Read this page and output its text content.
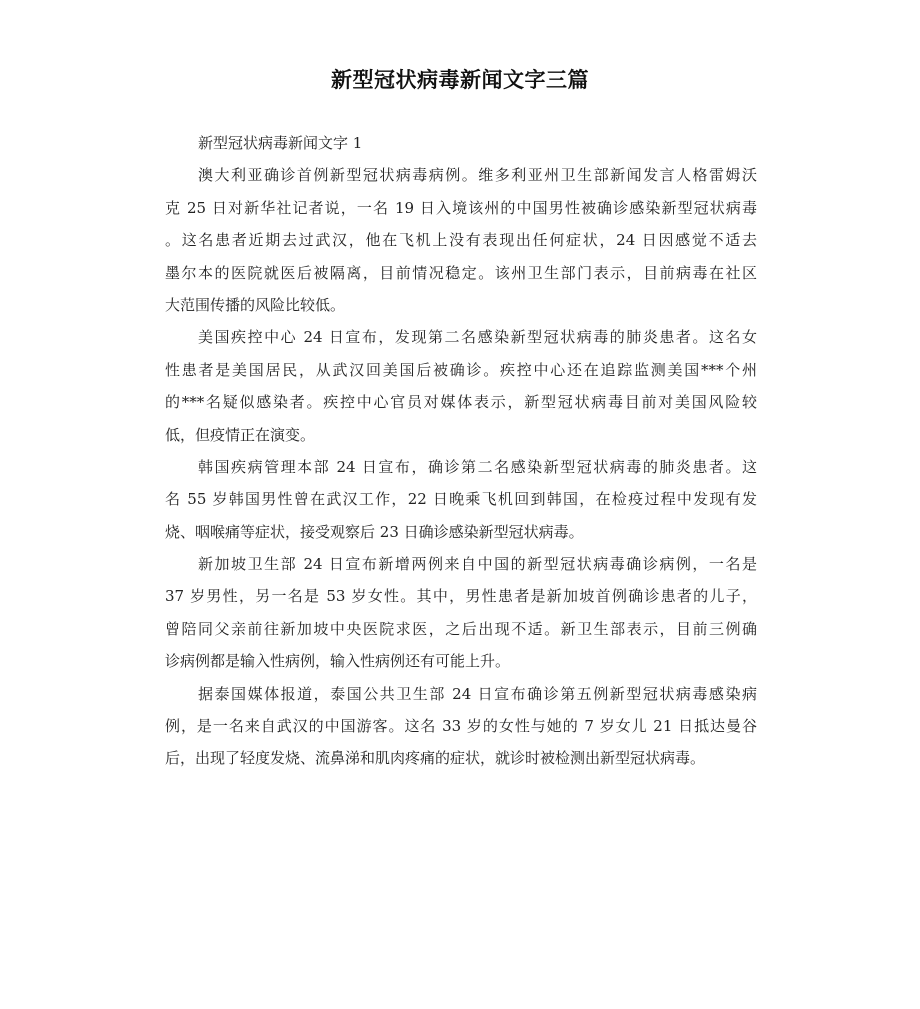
新型冠状病毒新闻文字三篇

新型冠状病毒新闻文字 1

澳大利亚确诊首例新型冠状病毒病例。维多利亚州卫生部新闻发言人格雷姆沃
克 25 日对新华社记者说，一名 19 日入境该州的中国男性被确诊感染新型冠状病毒
。这名患者近期去过武汉，他在飞机上没有表现出任何症状，24 日因感觉不适去
墨尔本的医院就医后被隔离，目前情况稳定。该州卫生部门表示，目前病毒在社区
大范围传播的风险比较低。
美国疾控中心 24 日宣布，发现第二名感染新型冠状病毒的肺炎患者。这名女
性患者是美国居民，从武汉回美国后被确诊。疾控中心还在追踪监测美国***个州
的***名疑似感染者。疾控中心官员对媒体表示，新型冠状病毒目前对美国风险较
低，但疫情正在演变。
韩国疾病管理本部 24 日宣布，确诊第二名感染新型冠状病毒的肺炎患者。这
名 55 岁韩国男性曾在武汉工作，22 日晚乘飞机回到韩国，在检疫过程中发现有发
烧、咽喉痛等症状，接受观察后 23 日确诊感染新型冠状病毒。
新加坡卫生部 24 日宣布新增两例来自中国的新型冠状病毒确诊病例，一名是
37 岁男性，另一名是 53 岁女性。其中，男性患者是新加坡首例确诊患者的儿子，
曾陪同父亲前往新加坡中央医院求医，之后出现不适。新卫生部表示，目前三例确
诊病例都是输入性病例，输入性病例还有可能上升。
据泰国媒体报道，泰国公共卫生部 24 日宣布确诊第五例新型冠状病毒感染病
例，是一名来自武汉的中国游客。这名 33 岁的女性与她的 7 岁女儿 21 日抵达曼谷
后，出现了轻度发烧、流鼻涕和肌肉疼痛的症状，就诊时被检测出新型冠状病毒。
